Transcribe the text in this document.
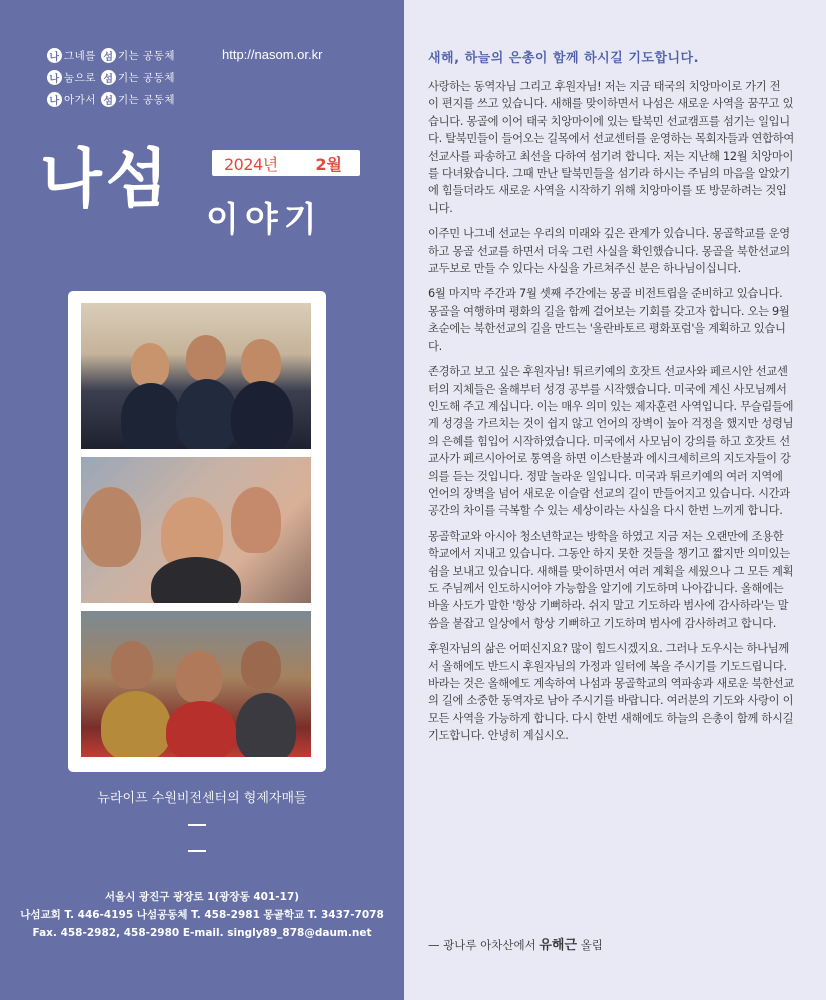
나 그네를 섬 기는 공동체
나 눔으로 섬 기는 공동체
나 아가서 섬 기는 공동체
http://nasom.or.kr
2024년 2월
나섬
이야기
뉴라이프 수원비전센터의 형제자매들
서울시 광진구 광장로 1(광장동 401-17)
나섬교회 T. 446-4195 나섬공동체 T. 458-2981 몽골학교 T. 3437-7078
Fax. 458-2982, 458-2980 E-mail. singly89_878@daum.net
새해, 하늘의 은총이 함께 하시길 기도합니다.

사랑하는 동역자님 그리고 후원자님! 저는 지금 태국의 치앙마이로 가기 전 이 편지를 쓰고 있습니다. 새해를 맞이하면서 나섬은 새로운 사역을 꿈꾸고 있습니다. 몽골에 이어 태국 치앙마이에 있는 탈북민 선교캠프를 섬기는 일입니다. 탈북민들이 들어오는 길목에서 선교센터를 운영하는 목회자들과 연합하여 선교사를 파송하고 최선을 다하여 섬기려 합니다. 저는 지난해 12월 치앙마이를 다녀왔습니다. 그때 만난 탈북민들을 섬기라 하시는 주님의 마음을 알았기에 힘들더라도 새로운 사역을 시작하기 위해 치앙마이를 또 방문하려는 것입니다.

이주민 나그네 선교는 우리의 미래와 깊은 관계가 있습니다. 몽골학교를 운영하고 몽골 선교를 하면서 더욱 그런 사실을 확인했습니다. 몽골을 북한선교의 교두보로 만들 수 있다는 사실을 가르쳐주신 분은 하나님이십니다.

6월 마지막 주간과 7월 셋째 주간에는 몽골 비전트립을 준비하고 있습니다. 몽골을 여행하며 평화의 길을 함께 걸어보는 기회를 갖고자 합니다. 오는 9월 초순에는 북한선교의 길을 만드는 '울란바토르 평화포럼'을 계획하고 있습니다.

존경하고 보고 싶은 후원자님! 튀르키예의 호잣트 선교사와 페르시안 선교센터의 지체들은 올해부터 성경 공부를 시작했습니다. 미국에 계신 사모님께서 인도해 주고 계십니다. 이는 매우 의미 있는 제자훈련 사역입니다. 무슬림들에게 성경을 가르치는 것이 쉽지 않고 언어의 장벽이 높아 걱정을 했지만 성령님의 은혜를 힘입어 시작하였습니다. 미국에서 사모님이 강의를 하고 호잣트 선교사가 페르시아어로 통역을 하면 이스탄불과 에시크세히르의 지도자들이 강의를 듣는 것입니다. 정말 놀라운 일입니다. 미국과 튀르키예의 여러 지역에 언어의 장벽을 넘어 새로운 이슬람 선교의 길이 만들어지고 있습니다. 시간과 공간의 차이를 극복할 수 있는 세상이라는 사실을 다시 한번 느끼게 합니다.

몽골학교와 아시아 청소년학교는 방학을 하였고 지금 저는 오랜만에 조용한 학교에서 지내고 있습니다. 그동안 하지 못한 것들을 챙기고 짧지만 의미있는 쉼을 보내고 있습니다. 새해를 맞이하면서 여러 계획을 세웠으나 그 모든 계획도 주님께서 인도하시어야 가능함을 알기에 기도하며 나아갑니다. 올해에는 바울 사도가 말한 '항상 기뻐하라. 쉬지 말고 기도하라 범사에 감사하라'는 말씀을 붙잡고 일상에서 항상 기뻐하고 기도하며 범사에 감사하려고 합니다.

후원자님의 삶은 어떠신지요? 많이 힘드시겠지요. 그러나 도우시는 하나님께서 올해에도 반드시 후원자님의 가정과 일터에 복을 주시기를 기도드립니다. 바라는 것은 올해에도 계속하여 나섬과 몽골학교의 역파송과 새로운 북한선교의 길에 소중한 동역자로 남아 주시기를 바랍니다. 여러분의 기도와 사랑이 이 모든 사역을 가능하게 합니다. 다시 한번 새해에도 하늘의 은총이 함께 하시길 기도합니다. 안녕히 계십시오.

— 광나루 아차산에서 유해근 올림
